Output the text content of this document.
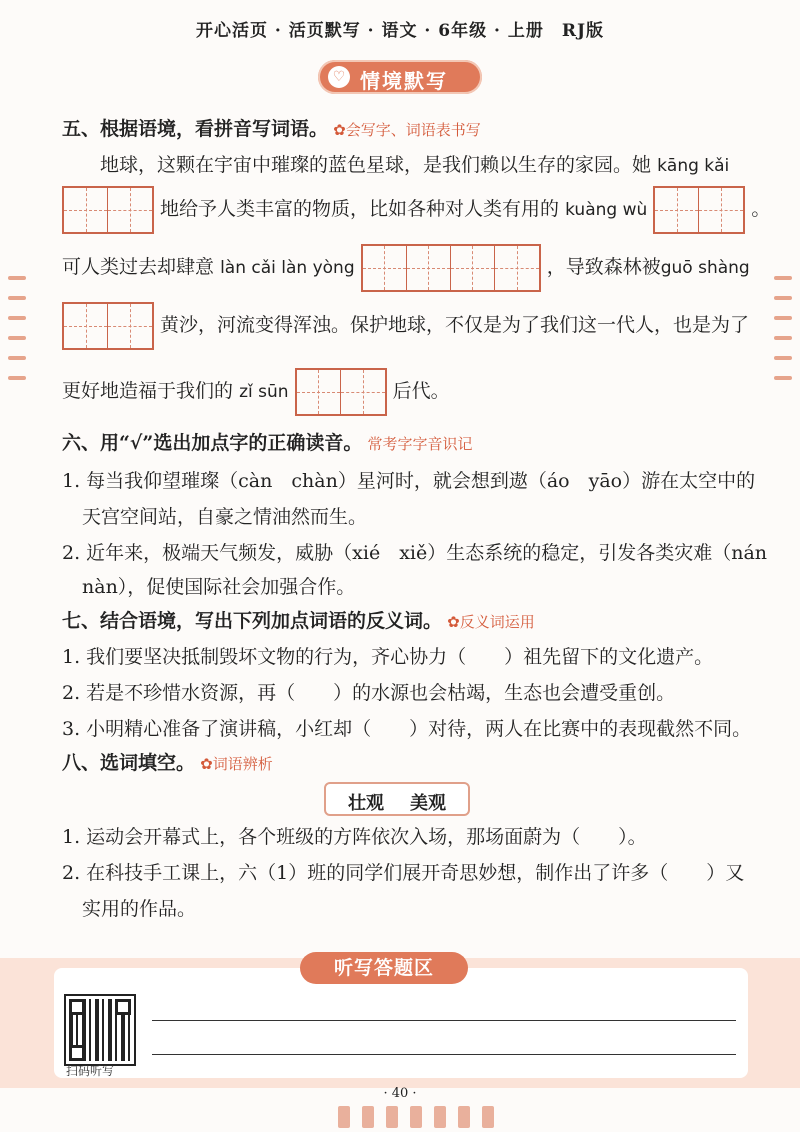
开心活页 · 活页默写 · 语文 · 6年级 · 上册　RJ版
♡ 情境默写
五、根据语境，看拼音写词语。 ✿会写字、词语表书写
地球，这颗在宇宙中璀璨的蓝色星球，是我们赖以生存的家园。她 kāng kǎi
地给予人类丰富的物质，比如各种对人类有用的 kuàng wù	。
可人类过去却肆意 làn cǎi làn yòng	，导致森林被guō shàng
黄沙，河流变得浑浊。保护地球，不仅是为了我们这一代人，也是为了
更好地造福于我们的 zǐ sūn	后代。
六、用“√”选出加点字的正确读音。 常考字字音识记
1. 每当我仰望璀璨（càn　chàn）星河时，就会想到遨（áo　yāo）游在太空中的
天宫空间站，自豪之情油然而生。
2. 近年来，极端天气频发，威胁（xié　xiě）生态系统的稳定，引发各类灾难（nán
nàn），促使国际社会加强合作。
七、结合语境，写出下列加点词语的反义词。 ✿反义词运用
1. 我们要坚决抵制毁坏文物的行为，齐心协力（　　）祖先留下的文化遗产。
2. 若是不珍惜水资源，再（　　）的水源也会枯竭，生态也会遭受重创。
3. 小明精心准备了演讲稿，小红却（　　）对待，两人在比赛中的表现截然不同。
八、选词填空。 ✿词语辨析
壮观 美观
1. 运动会开幕式上，各个班级的方阵依次入场，那场面蔚为（　　）。
2. 在科技手工课上，六（1）班的同学们展开奇思妙想，制作出了许多（　　）又
实用的作品。
听写答题区
扫码听写
· 40 ·
